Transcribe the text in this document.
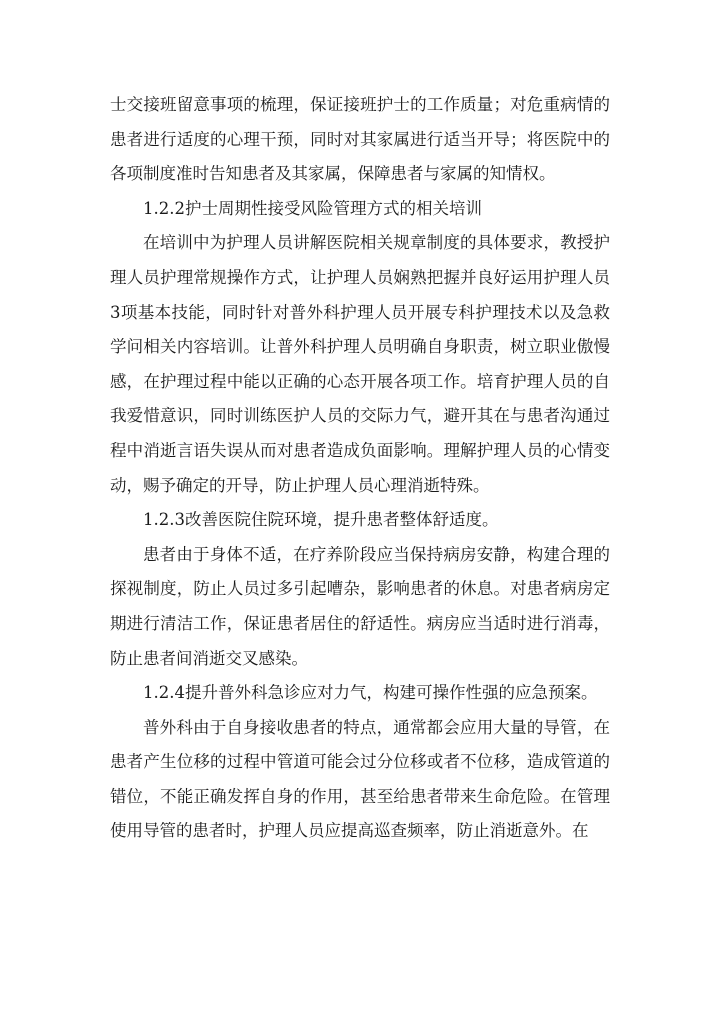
士交接班留意事项的梳理，保证接班护士的工作质量；对危重病情的患者进行适度的心理干预，同时对其家属进行适当开导；将医院中的各项制度准时告知患者及其家属，保障患者与家属的知情权。

1.2.2护士周期性接受风险管理方式的相关培训

在培训中为护理人员讲解医院相关规章制度的具体要求，教授护理人员护理常规操作方式，让护理人员娴熟把握并良好运用护理人员3项基本技能，同时针对普外科护理人员开展专科护理技术以及急救学问相关内容培训。让普外科护理人员明确自身职责，树立职业傲慢感，在护理过程中能以正确的心态开展各项工作。培育护理人员的自我爱惜意识，同时训练医护人员的交际力气，避开其在与患者沟通过程中消逝言语失误从而对患者造成负面影响。理解护理人员的心情变动，赐予确定的开导，防止护理人员心理消逝特殊。

1.2.3改善医院住院环境，提升患者整体舒适度。

患者由于身体不适，在疗养阶段应当保持病房安静，构建合理的探视制度，防止人员过多引起嘈杂，影响患者的休息。对患者病房定期进行清洁工作，保证患者居住的舒适性。病房应当适时进行消毒，防止患者间消逝交叉感染。

1.2.4提升普外科急诊应对力气，构建可操作性强的应急预案。

普外科由于自身接收患者的特点，通常都会应用大量的导管，在患者产生位移的过程中管道可能会过分位移或者不位移，造成管道的错位，不能正确发挥自身的作用，甚至给患者带来生命危险。在管理使用导管的患者时，护理人员应提高巡查频率，防止消逝意外。在
